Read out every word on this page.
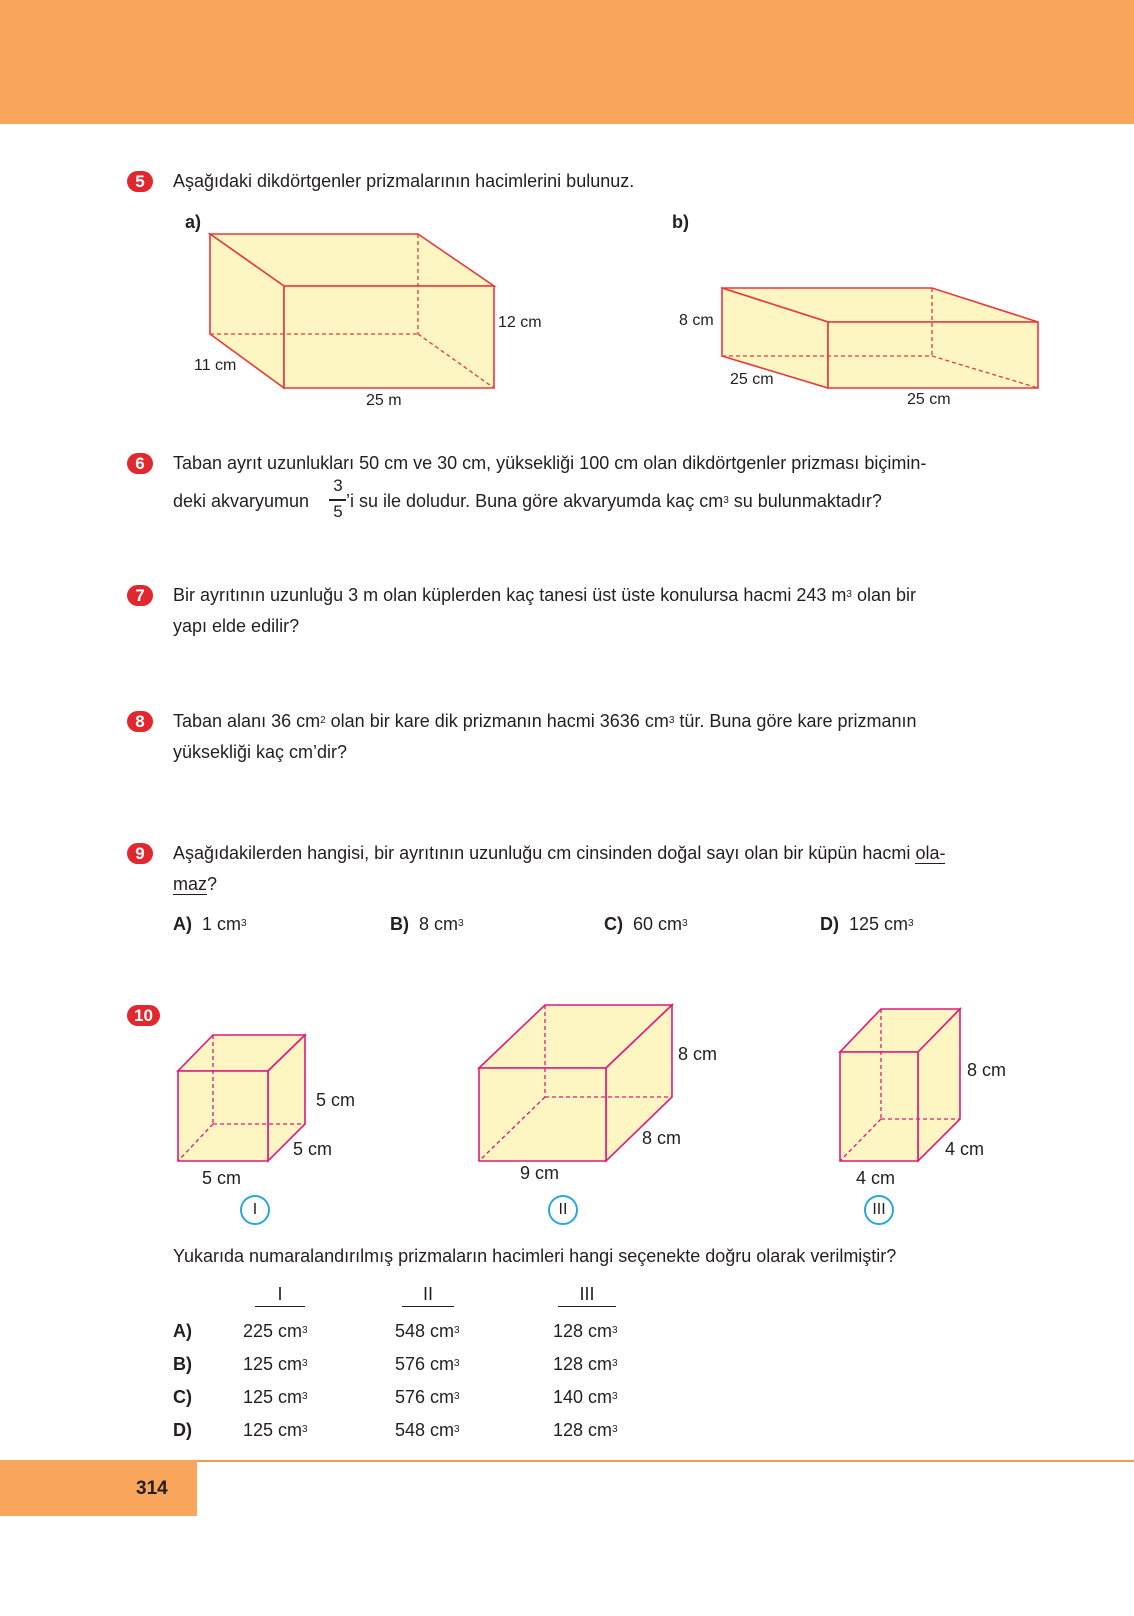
5	Aşağıdaki dikdörtgenler prizmalarının hacimlerini bulunuz.
a)	b)
12 cm
11 cm
25 m
8 cm
25 cm
25 cm
6	Taban ayrıt uzunlukları 50 cm ve 30 cm, yüksekliği 100 cm olan dikdörtgenler prizması biçimin-
deki akvaryumun
3
5
’i su ile doludur. Buna göre akvaryumda kaç $cm^3$ su bulunmaktadır?
7	Bir ayrıtının uzunluğu 3 m olan küplerden kaç tanesi üst üste konulursa hacmi 243 $m^3$ olan bir
yapı elde edilir?
8	Taban alanı 36 $cm^2$ olan bir kare dik prizmanın hacmi 3636 $cm^3$ tür. Buna göre kare prizmanın
yüksekliği kaç cm’dir?
9	Aşağıdakilerden hangisi, bir ayrıtının uzunluğu cm cinsinden doğal sayı olan bir küpün hacmi ola-
maz?
A) 1 $cm^3$	B) 8 $cm^3$	C) 60 $cm^3$	D) 125 $cm^3$
10
5 cm
5 cm
5 cm
I
8 cm
8 cm
9 cm
II
8 cm
4 cm
4 cm
III
Yukarıda numaralandırılmış prizmaların hacimleri hangi seçenekte doğru olarak verilmiştir?
I	II	III
A)	225 $cm^3$	548 $cm^3$	128 $cm^3$
B)	125 $cm^3$	576 $cm^3$	128 $cm^3$
C)	125 $cm^3$	576 $cm^3$	140 $cm^3$
D)	125 $cm^3$	548 $cm^3$	128 $cm^3$
314
